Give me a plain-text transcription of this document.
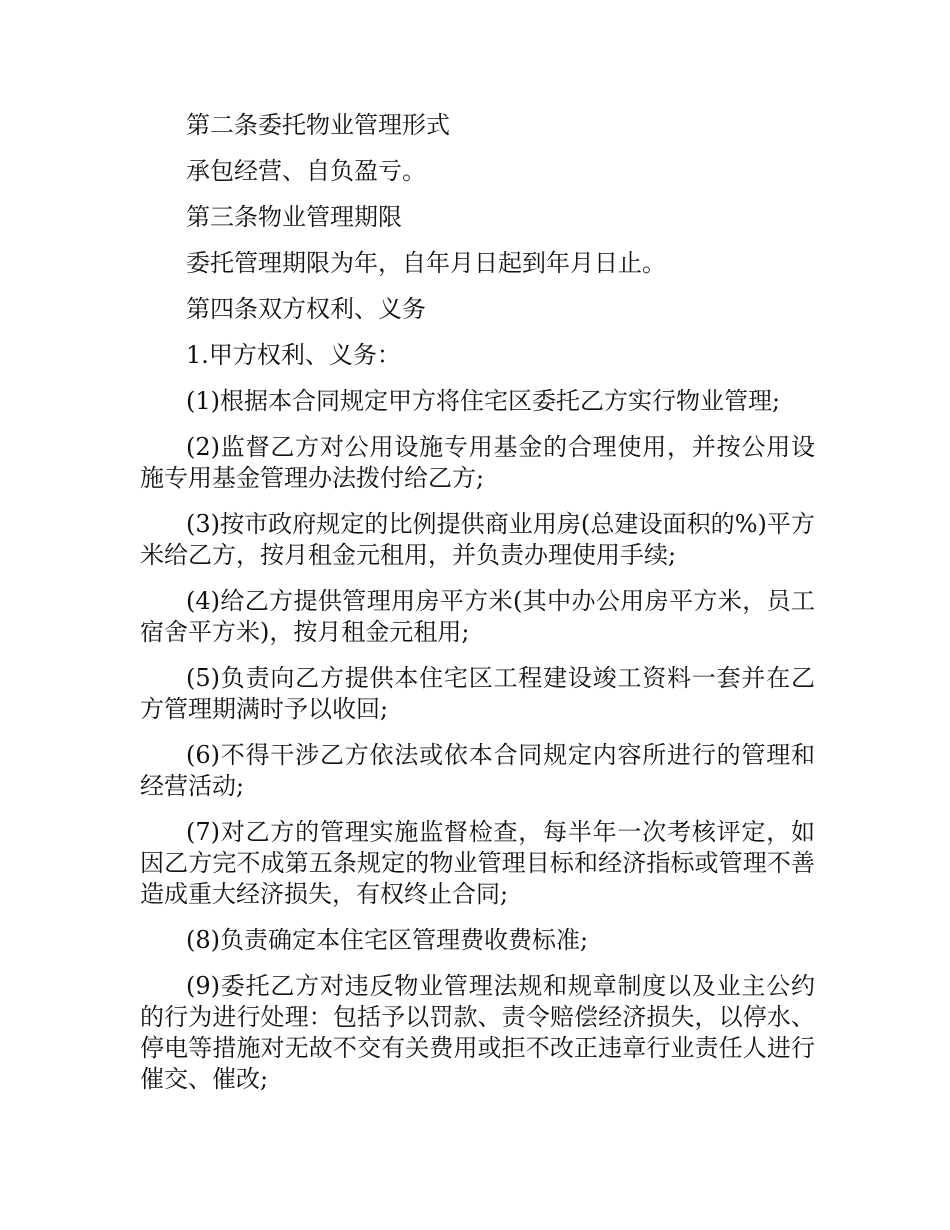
第二条委托物业管理形式

承包经营、自负盈亏。

第三条物业管理期限

委托管理期限为年，自年月日起到年月日止。

第四条双方权利、义务

1.甲方权利、义务：

(1)根据本合同规定甲方将住宅区委托乙方实行物业管理;

(2)监督乙方对公用设施专用基金的合理使用，并按公用设施专用基金管理办法拨付给乙方;

(3)按市政府规定的比例提供商业用房(总建设面积的%)平方米给乙方，按月租金元租用，并负责办理使用手续;

(4)给乙方提供管理用房平方米(其中办公用房平方米，员工宿舍平方米)，按月租金元租用;

(5)负责向乙方提供本住宅区工程建设竣工资料一套并在乙方管理期满时予以收回;

(6)不得干涉乙方依法或依本合同规定内容所进行的管理和经营活动;

(7)对乙方的管理实施监督检查，每半年一次考核评定，如因乙方完不成第五条规定的物业管理目标和经济指标或管理不善造成重大经济损失，有权终止合同;

(8)负责确定本住宅区管理费收费标准;

(9)委托乙方对违反物业管理法规和规章制度以及业主公约的行为进行处理：包括予以罚款、责令赔偿经济损失，以停水、停电等措施对无故不交有关费用或拒不改正违章行业责任人进行催交、催改;
